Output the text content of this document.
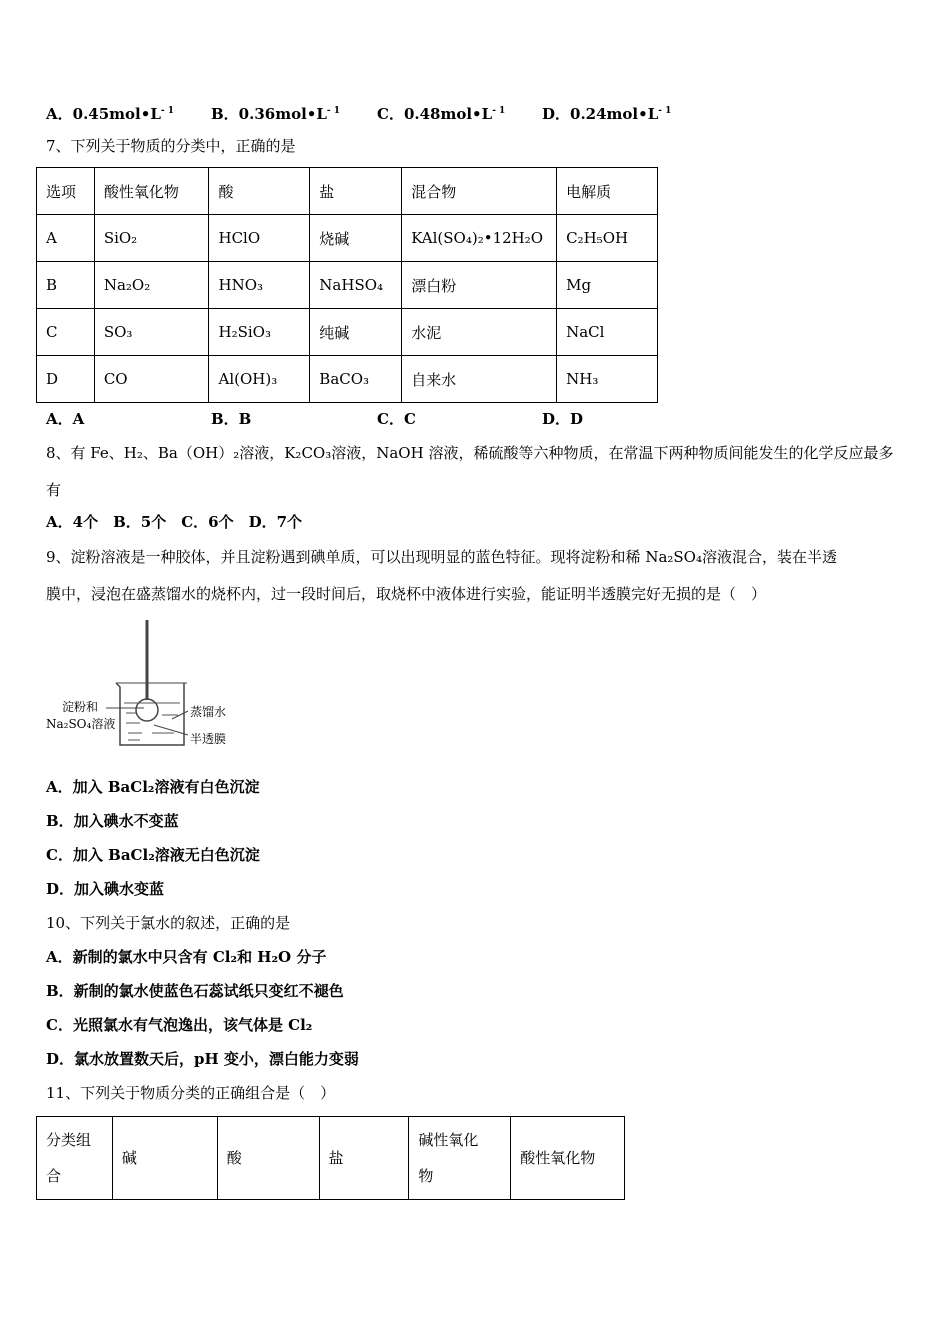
A．$0.45mol•L^{- 1}$ B．$0.36mol•L^{- 1}$ C．$0.48mol•L^{- 1}$ D．$0.24mol•L^{- 1}$
7、下列关于物质的分类中，正确的是
选项	酸性氧化物	酸	盐	混合物	电解质
A	SiO₂	HClO	烧碱	KAl(SO₄)₂•12H₂O	C₂H₅OH
B	Na₂O₂	HNO₃	NaHSO₄	漂白粉	Mg
C	SO₃	H₂SiO₃	纯碱	水泥	NaCl
D	CO	Al(OH)₃	BaCO₃	自来水	NH₃
A．A	B．B	C．C	D．D
8、有 Fe、H₂、Ba（OH）₂溶液，K₂CO₃溶液，NaOH 溶液，稀硫酸等六种物质，在常温下两种物质间能发生的化学反应最多
有
A．4个　B．5个　C．6个　D．7个
9、淀粉溶液是一种胶体，并且淀粉遇到碘单质，可以出现明显的蓝色特征。现将淀粉和稀 Na₂SO₄溶液混合，装在半透
膜中，浸泡在盛蒸馏水的烧杯内，过一段时间后，取烧杯中液体进行实验，能证明半透膜完好无损的是（　）
淀粉和
Na₂SO₄溶液
蒸馏水
半透膜
A．加入 BaCl₂溶液有白色沉淀
B．加入碘水不变蓝
C．加入 BaCl₂溶液无白色沉淀
D．加入碘水变蓝
10、下列关于氯水的叙述，正确的是
A．新制的氯水中只含有 Cl₂和 H₂O 分子
B．新制的氯水使蓝色石蕊试纸只变红不褪色
C．光照氯水有气泡逸出，该气体是 Cl₂
D．氯水放置数天后，pH 变小，漂白能力变弱
11、下列关于物质分类的正确组合是（　）
分类组合	碱	酸	盐	碱性氧化物	酸性氧化物
